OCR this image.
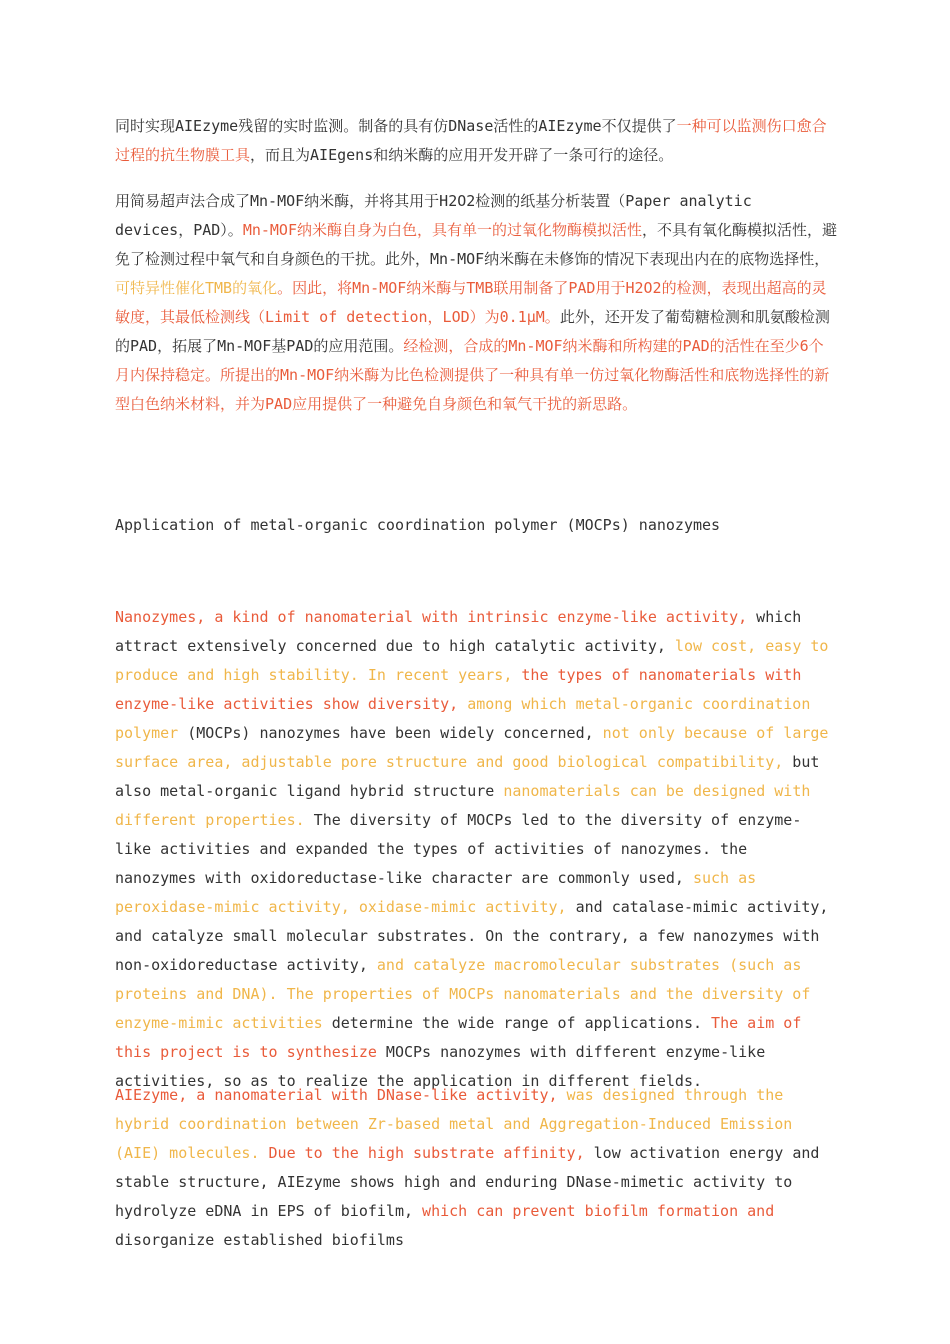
同时实现AIEzyme残留的实时监测。制备的具有仿DNase活性的AIEzyme不仅提供了一种可以监测伤口愈合过程的抗生物膜工具，而且为AIEgens和纳米酶的应用开发开辟了一条可行的途径。

用简易超声法合成了Mn-MOF纳米酶，并将其用于H2O2检测的纸基分析装置（Paper analytic devices，PAD）。Mn-MOF纳米酶自身为白色，具有单一的过氧化物酶模拟活性，不具有氧化酶模拟活性，避免了检测过程中氧气和自身颜色的干扰。此外，Mn-MOF纳米酶在未修饰的情况下表现出内在的底物选择性，可特异性催化TMB的氧化。因此，将Mn-MOF纳米酶与TMB联用制备了PAD用于H2O2的检测，表现出超高的灵敏度，其最低检测线（Limit of detection，LOD）为0.1μM。此外，还开发了葡萄糖检测和肌氨酸检测的PAD，拓展了Mn-MOF基PAD的应用范围。经检测，合成的Mn-MOF纳米酶和所构建的PAD的活性在至少6个月内保持稳定。所提出的Mn-MOF纳米酶为比色检测提供了一种具有单一仿过氧化物酶活性和底物选择性的新型白色纳米材料，并为PAD应用提供了一种避免自身颜色和氧气干扰的新思路。

Application of metal-organic coordination polymer (MOCPs) nanozymes

Nanozymes, a kind of nanomaterial with intrinsic enzyme-like activity, which attract extensively concerned due to high catalytic activity, low cost, easy to produce and high stability. In recent years, the types of nanomaterials with enzyme-like activities show diversity, among which metal-organic coordination polymer (MOCPs) nanozymes have been widely concerned, not only because of large surface area, adjustable pore structure and good biological compatibility, but also metal-organic ligand hybrid structure nanomaterials can be designed with different properties. The diversity of MOCPs led to the diversity of enzyme-like activities and expanded the types of activities of nanozymes. the nanozymes with oxidoreductase-like character are commonly used, such as peroxidase-mimic activity, oxidase-mimic activity, and catalase-mimic activity, and catalyze small molecular substrates. On the contrary, a few nanozymes with non-oxidoreductase activity, and catalyze macromolecular substrates (such as proteins and DNA). The properties of MOCPs nanomaterials and the diversity of enzyme-mimic activities determine the wide range of applications. The aim of this project is to synthesize MOCPs nanozymes with different enzyme-like activities, so as to realize the application in different fields.

AIEzyme, a nanomaterial with DNase-like activity, was designed through the hybrid coordination between Zr-based metal and Aggregation-Induced Emission (AIE) molecules. Due to the high substrate affinity, low activation energy and stable structure, AIEzyme shows high and enduring DNase-mimetic activity to hydrolyze eDNA in EPS of biofilm, which can prevent biofilm formation and disorganize established biofilms
